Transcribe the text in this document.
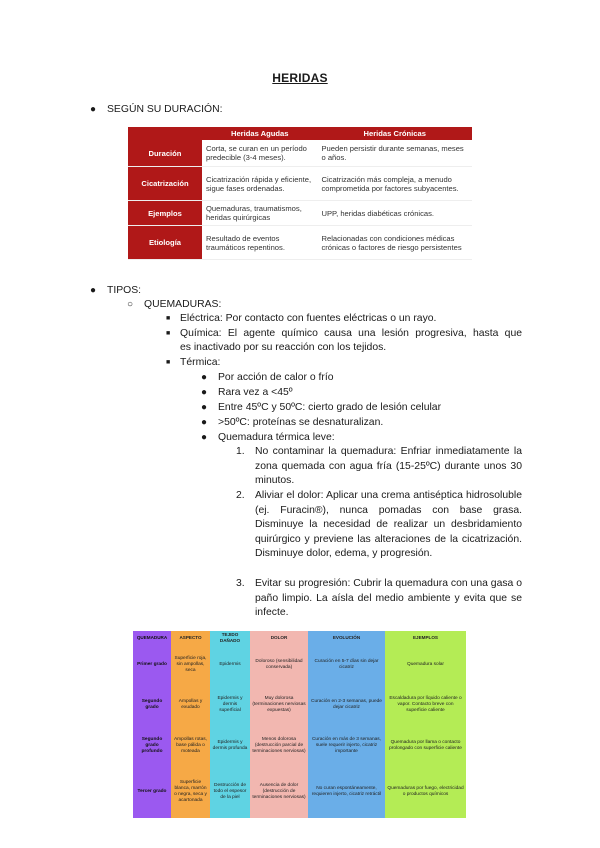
HERIDAS
● SEGÚN SU DURACIÓN:
	Heridas Agudas	Heridas Crónicas
Duración	Corta, se curan en un período predecible (3-4 meses).	Pueden persistir durante semanas, meses o años.
Cicatrización	Cicatrización rápida y eficiente, sigue fases ordenadas.	Cicatrización más compleja, a menudo comprometida por factores subyacentes.
Ejemplos	Quemaduras, traumatismos, heridas quirúrgicas	UPP, heridas diabéticas crónicas.
Etiología	Resultado de eventos traumáticos repentinos.	Relacionadas con condiciones médicas crónicas o factores de riesgo persistentes
● TIPOS:
○ QUEMADURAS:
■ Eléctrica: Por contacto con fuentes eléctricas o un rayo.
■ Química: El agente químico causa una lesión progresiva, hasta que
es inactivado por su reacción con los tejidos.
■ Térmica:
● Por acción de calor o frío
● Rara vez a <45º
● Entre 45ºC y 50ºC: cierto grado de lesión celular
● >50ºC: proteínas se desnaturalizan.
● Quemadura térmica leve:
1. No contaminar la quemadura: Enfriar inmediatamente la zona quemada con agua fría (15-25ºC) durante unos 30 minutos.
2. Aliviar el dolor: Aplicar una crema antiséptica hidrosoluble (ej. Furacin®), nunca pomadas con base grasa. Disminuye la necesidad de realizar un desbridamiento quirúrgico y previene las alteraciones de la cicatrización. Disminuye dolor, edema, y progresión.
3. Evitar su progresión: Cubrir la quemadura con una gasa o paño limpio. La aísla del medio ambiente y evita que se infecte.
QUEMADURA	ASPECTO	TEJIDO DAÑADO	DOLOR	EVOLUCIÓN	EJEMPLOS
Primer grado	Superficie roja, sin ampollas, seca	Epidermis	Doloroso (sensibilidad conservada)	Curación en 5-7 días sin dejar cicatriz	Quemadura solar
Segundo grado	Ampollas y exudado	Epidermis y dermis superficial	Muy dolorosa (terminaciones nerviosas expuestas)	Curación en 2-3 semanas, puede dejar cicatriz	Escaldadura por líquido caliente o vapor. Contacto breve con superficie caliente
Segundo grado profundo	Ampollas rotas, base pálida o moteada	Epidermis y dermis profunda	Menos dolorosa (destrucción parcial de terminaciones nerviosas)	Curación en más de 3 semanas, suele requerir injerto, cicatriz importante	Quemadura por llama o contacto prolongado con superficie caliente
Tercer grado	Superficie blanca, marrón o negra, seca y acartonada	Destrucción de todo el espesor de la piel	Ausencia de dolor (destrucción de terminaciones nerviosas)	No curan espontáneamente, requieren injerto, cicatriz retráctil	Quemaduras por fuego, electricidad o productos químicos
